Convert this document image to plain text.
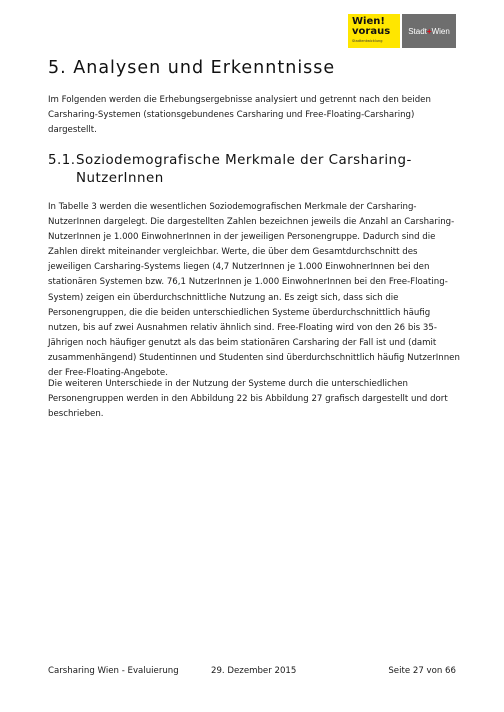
Wien!
voraus
Stadtentwicklung
Stadt + Wien
5. Analysen und Erkenntnisse

Im Folgenden werden die Erhebungsergebnisse analysiert und getrennt nach den beiden Carsharing-Systemen (stationsgebundenes Carsharing und Free-Floating-Carsharing) dargestellt.

5.1.Soziodemografische Merkmale der Carsharing-
NutzerInnen

In Tabelle 3 werden die wesentlichen Soziodemografischen Merkmale der Carsharing-NutzerInnen dargelegt. Die dargestellten Zahlen bezeichnen jeweils die Anzahl an Carsharing-NutzerInnen je 1.000 EinwohnerInnen in der jeweiligen Personengruppe. Dadurch sind die Zahlen direkt miteinander vergleichbar. Werte, die über dem Gesamtdurchschnitt des jeweiligen Carsharing-Systems liegen (4,7 NutzerInnen je 1.000 EinwohnerInnen bei den stationären Systemen bzw. 76,1 NutzerInnen je 1.000 EinwohnerInnen bei den Free-Floating-System) zeigen ein überdurchschnittliche Nutzung an. Es zeigt sich, dass sich die Personengruppen, die die beiden unterschiedlichen Systeme überdurchschnittlich häufig nutzen, bis auf zwei Ausnahmen relativ ähnlich sind. Free-Floating wird von den 26 bis 35-Jährigen noch häufiger genutzt als das beim stationären Carsharing der Fall ist und (damit zusammenhängend) Studentinnen und Studenten sind überdurchschnittlich häufig NutzerInnen der Free-Floating-Angebote.

Die weiteren Unterschiede in der Nutzung der Systeme durch die unterschiedlichen Personengruppen werden in den Abbildung 22 bis Abbildung 27 grafisch dargestellt und dort beschrieben.

Carsharing Wien - Evaluierung	29. Dezember 2015	Seite 27 von 66
